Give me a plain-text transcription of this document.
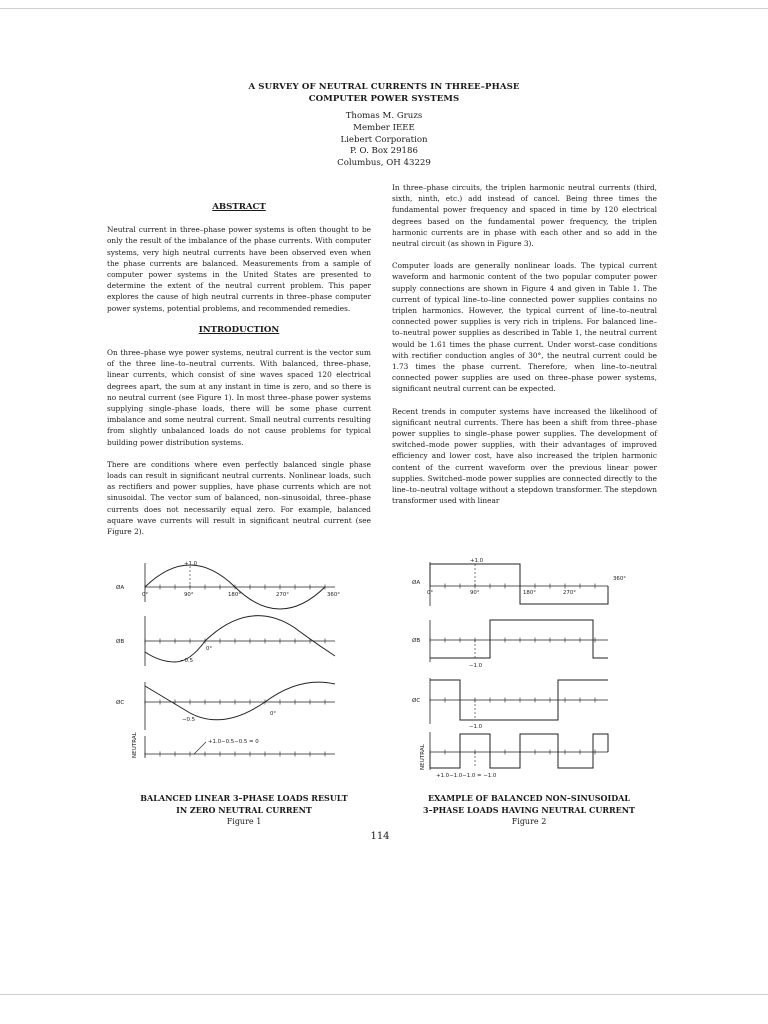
A SURVEY OF NEUTRAL CURRENTS IN THREE–PHASE
COMPUTER POWER SYSTEMS
Thomas M. Gruzs
Member IEEE
Liebert Corporation
P. O. Box 29186
Columbus, OH 43229

ABSTRACT

Neutral current in three–phase power systems is often thought to be only the result of the imbalance of the phase currents. With computer systems, very high neutral currents have been observed even when the phase currents are balanced. Measurements from a sample of computer power systems in the United States are presented to determine the extent of the neutral current problem. This paper explores the cause of high neutral currents in three–phase computer power systems, potential problems, and recommended remedies.

INTRODUCTION

On three–phase wye power systems, neutral current is the vector sum of the three line–to–neutral currents. With balanced, three–phase, linear currents, which consist of sine waves spaced 120 electrical degrees apart, the sum at any instant in time is zero, and so there is no neutral current (see Figure 1). In most three–phase power systems supplying single–phase loads, there will be some phase current imbalance and some neutral current. Small neutral currents resulting from slightly unbalanced loads do not cause problems for typical building power distribution systems.

There are conditions where even perfectly balanced single phase loads can result in significant neutral currents. Nonlinear loads, such as rectifiers and power supplies, have phase currents which are not sinusoidal. The vector sum of balanced, non–sinusoidal, three–phase currents does not necessarily equal zero. For example, balanced aquare wave currents will result in significant neutral current (see Figure 2).

In three–phase circuits, the triplen harmonic neutral currents (third, sixth, ninth, etc.) add instead of cancel. Being three times the fundamental power frequency and spaced in time by 120 electrical degrees based on the fundamental power frequency, the triplen harmonic currents are in phase with each other and so add in the neutral circuit (as shown in Figure 3).

Computer loads are generally nonlinear loads. The typical current waveform and harmonic content of the two popular computer power supply connections are shown in Figure 4 and given in Table 1. The current of typical line–to–line connected power supplies contains no triplen harmonics. However, the typical current of line–to–neutral connected power supplies is very rich in triplens. For balanced line–to–neutral power supplies as described in Table 1, the neutral current would be 1.61 times the phase current. Under worst–case conditions with rectifier conduction angles of 30°, the neutral current could be 1.73 times the phase current. Therefore, when line–to–neutral connected power supplies are used on three–phase power systems, significant neutral current can be expected.

Recent trends in computer systems have increased the likelihood of significant neutral currents. There has been a shift from three–phase power supplies to single–phase power supplies. The development of switched–mode power supplies, with their advantages of improved efficiency and lower cost, have also increased the triplen harmonic content of the current waveform over the previous linear power supplies. Switched–mode power supplies are connected directly to the line–to–neutral voltage without a stepdown transformer. The stepdown transformer used with linear

ØA
+1.0
0°	90°	180°	270°	360°
ØB
0°
−0.5
ØC
−0.5
0°
+1.0−0.5−0.5 = 0
NEUTRAL
ØA
+1.0
0°	90°	180°	270°
360°
ØB
−1.0
ØC
−1.0
+1.0−1.0−1.0 = −1.0
NEUTRAL
BALANCED LINEAR 3–PHASE LOADS RESULT
IN ZERO NEUTRAL CURRENT
Figure 1
EXAMPLE OF BALANCED NON–SINUSOIDAL
3–PHASE LOADS HAVING NEUTRAL CURRENT
Figure 2
114
